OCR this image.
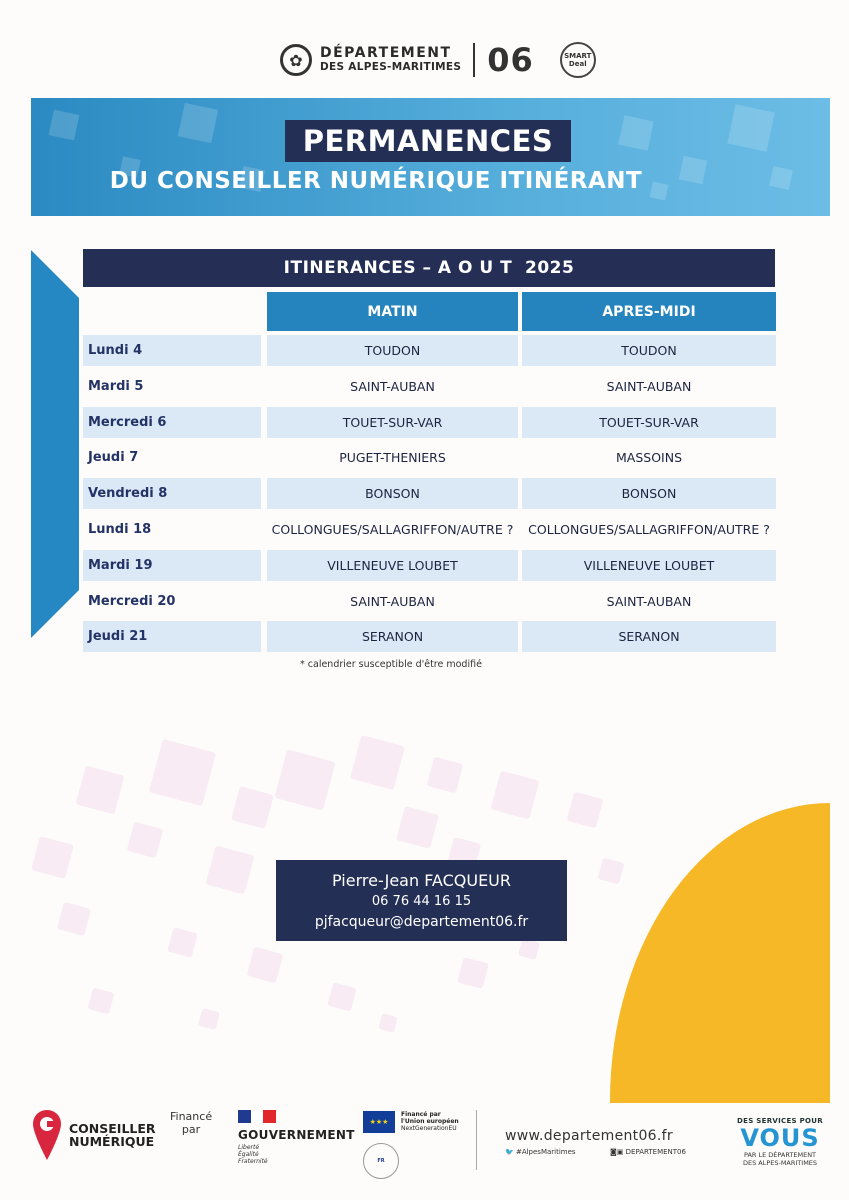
✿	DÉPARTEMENT
DES ALPES-MARITIMES 06	SMART
Deal
PERMANENCES
DU CONSEILLER NUMÉRIQUE ITINÉRANT
ITINERANCES – A O U T  2025
MATIN	APRES-MIDI
Lundi 4	TOUDON	TOUDON
Mardi 5	SAINT-AUBAN	SAINT-AUBAN
Mercredi 6	TOUET-SUR-VAR	TOUET-SUR-VAR
Jeudi 7	PUGET-THENIERS	MASSOINS
Vendredi 8	BONSON	BONSON
Lundi 18	COLLONGUES/SALLAGRIFFON/AUTRE ?	COLLONGUES/SALLAGRIFFON/AUTRE ?
Mardi 19	VILLENEUVE LOUBET	VILLENEUVE LOUBET
Mercredi 20	SAINT-AUBAN	SAINT-AUBAN
Jeudi 21	SERANON	SERANON
* calendrier susceptible d'être modifié
Pierre-Jean FACQUEUR
06 76 44 16 15
pjfacqueur@departement06.fr
CONSEILLER
NUMÉRIQUE
Financé
par	GOUVERNEMENT
Liberté
Égalité
Fraternité
★★★
Financé par
l'Union européen
NextGenerationEU
FR
www.departement06.fr
🐦 #AlpesMaritimes	◙▣ DEPARTEMENT06
DES SERVICES POUR
VOUS
PAR LE DÉPARTEMENT
DES ALPES-MARITIMES
